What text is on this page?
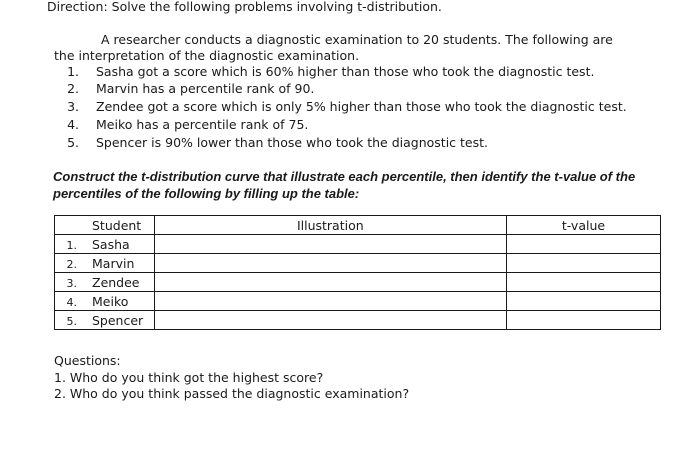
Direction: Solve the following problems involving t-distribution.
A researcher conducts a diagnostic examination to 20 students. The following are
the interpretation of the diagnostic examination.
1. Sasha got a score which is 60% higher than those who took the diagnostic test.
2. Marvin has a percentile rank of 90.
3. Zendee got a score which is only 5% higher than those who took the diagnostic test.
4. Meiko has a percentile rank of 75.
5. Spencer is 90% lower than those who took the diagnostic test.
Construct the t-distribution curve that illustrate each percentile, then identify the t-value of the percentiles of the following by filling up the table:
Student	Illustration	t-value
1. Sasha		
2. Marvin		
3. Zendee		
4. Meiko		
5. Spencer		
Questions:
1. Who do you think got the highest score?
2. Who do you think passed the diagnostic examination?
